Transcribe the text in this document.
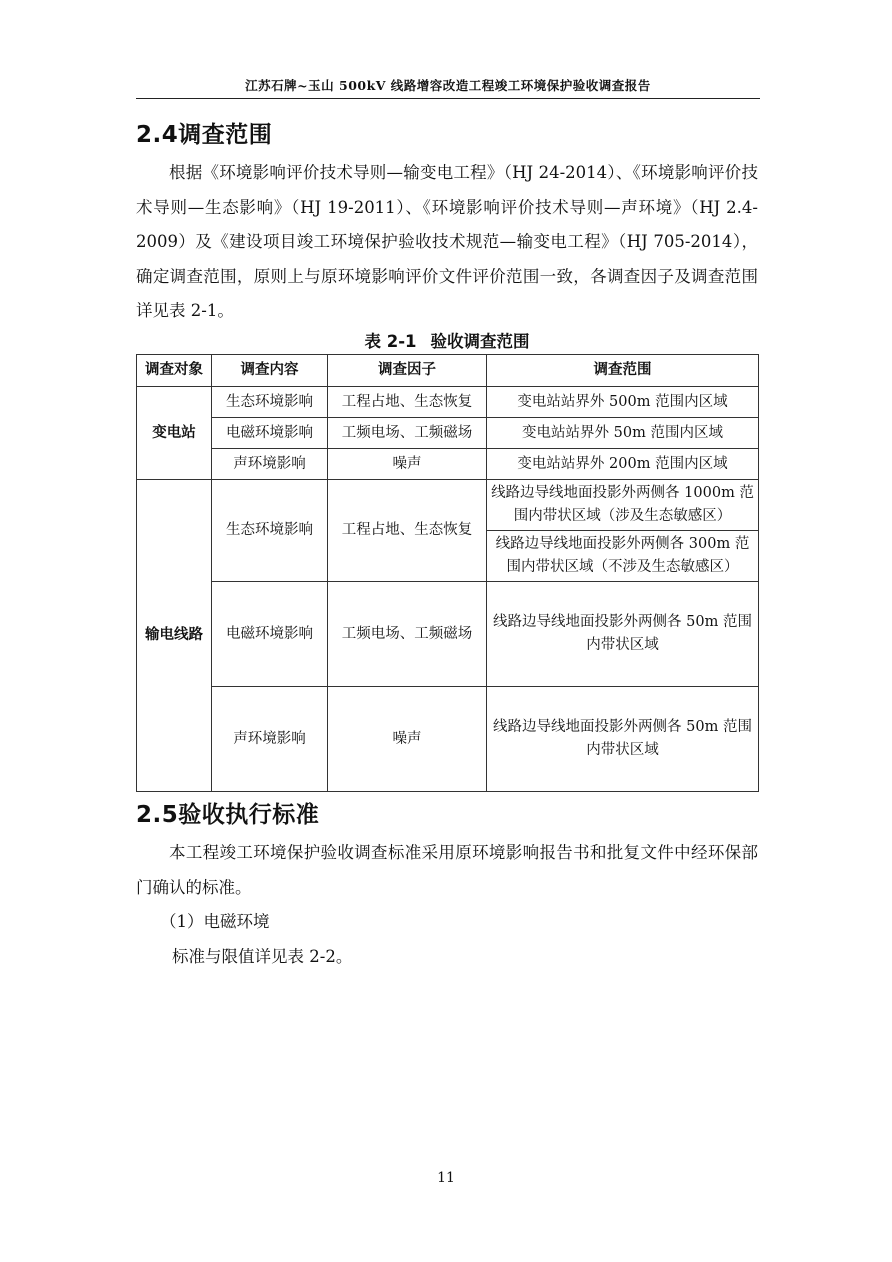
江苏石牌~玉山 500kV 线路增容改造工程竣工环境保护验收调查报告
2.4调查范围

根据《环境影响评价技术导则—输变电工程》（HJ 24-2014）、《环境影响评价技术导则—生态影响》（HJ 19-2011）、《环境影响评价技术导则—声环境》（HJ 2.4-2009）及《建设项目竣工环境保护验收技术规范—输变电工程》（HJ 705-2014），确定调查范围，原则上与原环境影响评价文件评价范围一致，各调查因子及调查范围详见表 2-1。

表 2-1 验收调查范围
调查对象	调查内容	调查因子	调查范围
变电站	生态环境影响	工程占地、生态恢复	变电站站界外 500m 范围内区域
	电磁环境影响	工频电场、工频磁场	变电站站界外 50m 范围内区域
	声环境影响	噪声	变电站站界外 200m 范围内区域
输电线路	生态环境影响	工程占地、生态恢复	线路边导线地面投影外两侧各 1000m 范围内带状区域（涉及生态敏感区）
			线路边导线地面投影外两侧各 300m 范围内带状区域（不涉及生态敏感区）
	电磁环境影响	工频电场、工频磁场	线路边导线地面投影外两侧各 50m 范围内带状区域
	声环境影响	噪声	线路边导线地面投影外两侧各 50m 范围内带状区域
2.5验收执行标准

本工程竣工环境保护验收调查标准采用原环境影响报告书和批复文件中经环保部门确认的标准。

（1）电磁环境

标准与限值详见表 2-2。

11
